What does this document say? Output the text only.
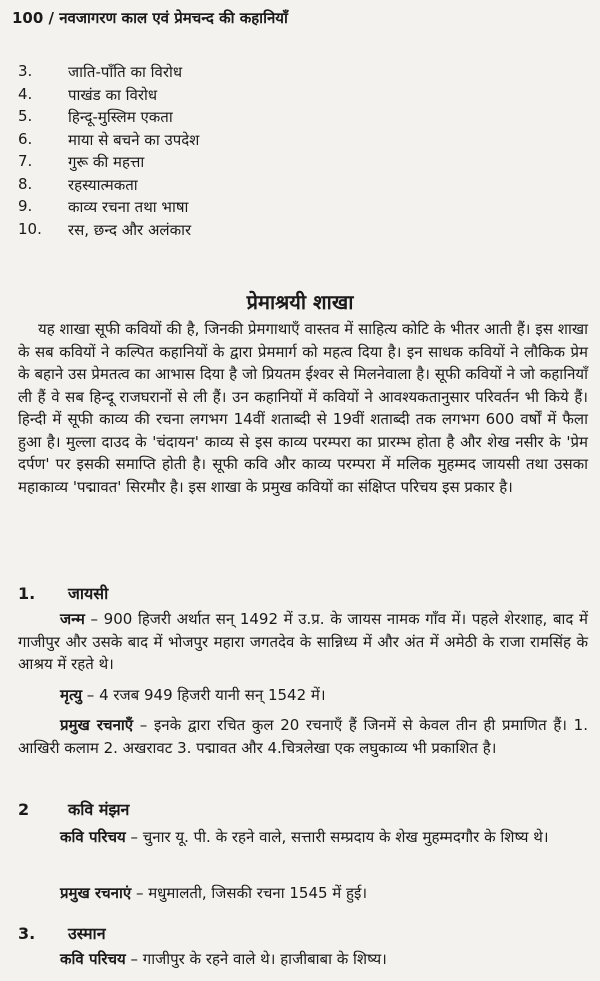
100 / नवजागरण काल एवं प्रेमचन्द की कहानियाँ
3.	जाति-पाँति का विरोध
4.	पाखंड का विरोध
5.	हिन्दू-मुस्लिम एकता
6.	माया से बचने का उपदेश
7.	गुरू की महत्ता
8.	रहस्यात्मकता
9.	काव्य रचना तथा भाषा
10.	रस, छन्द और अलंकार
प्रेमाश्रयी शाखा
यह शाखा सूफी कवियों की है, जिनकी प्रेमगाथाएँ वास्तव में साहित्य कोटि के भीतर आती हैं। इस शाखा के सब कवियों ने कल्पित कहानियों के द्वारा प्रेममार्ग को महत्व दिया है। इन साधक कवियों ने लौकिक प्रेम के बहाने उस प्रेमतत्व का आभास दिया है जो प्रियतम ईश्वर से मिलनेवाला है। सूफी कवियों ने जो कहानियाँ ली हैं वे सब हिन्दू राजघरानों से ली हैं। उन कहानियों में कवियों ने आवश्यकतानुसार परिवर्तन भी किये हैं। हिन्दी में सूफी काव्य की रचना लगभग 14वीं शताब्दी से 19वीं शताब्दी तक लगभग 600 वर्षों में फैला हुआ है। मुल्ला दाउद के 'चंदायन' काव्य से इस काव्य परम्परा का प्रारम्भ होता है और शेख नसीर के 'प्रेम दर्पण' पर इसकी समाप्ति होती है। सूफी कवि और काव्य परम्परा में मलिक मुहम्मद जायसी तथा उसका महाकाव्य 'पद्मावत' सिरमौर है। इस शाखा के प्रमुख कवियों का संक्षिप्त परिचय इस प्रकार है।
1. जायसी
जन्म – 900 हिजरी अर्थात सन् 1492 में उ.प्र. के जायस नामक गाँव में। पहले शेरशाह, बाद में गाजीपुर और उसके बाद में भोजपुर महारा जगतदेव के सान्निध्य में और अंत में अमेठी के राजा रामसिंह के आश्रय में रहते थे।
मृत्यु – 4 रजब 949 हिजरी यानी सन् 1542 में।
प्रमुख रचनाएँ – इनके द्वारा रचित कुल 20 रचनाएँ हैं जिनमें से केवल तीन ही प्रमाणित हैं। 1. आखिरी कलाम 2. अखरावट 3. पद्मावत और 4.चित्रलेखा एक लघुकाव्य भी प्रकाशित है।
2 कवि मंझन
कवि परिचय – चुनार यू. पी. के रहने वाले, सत्तारी सम्प्रदाय के शेख मुहम्मदगौर के शिष्य थे।
प्रमुख रचनाएं – मधुमालती, जिसकी रचना 1545 में हुई।
3. उस्मान
कवि परिचय – गाजीपुर के रहने वाले थे। हाजीबाबा के शिष्य।
